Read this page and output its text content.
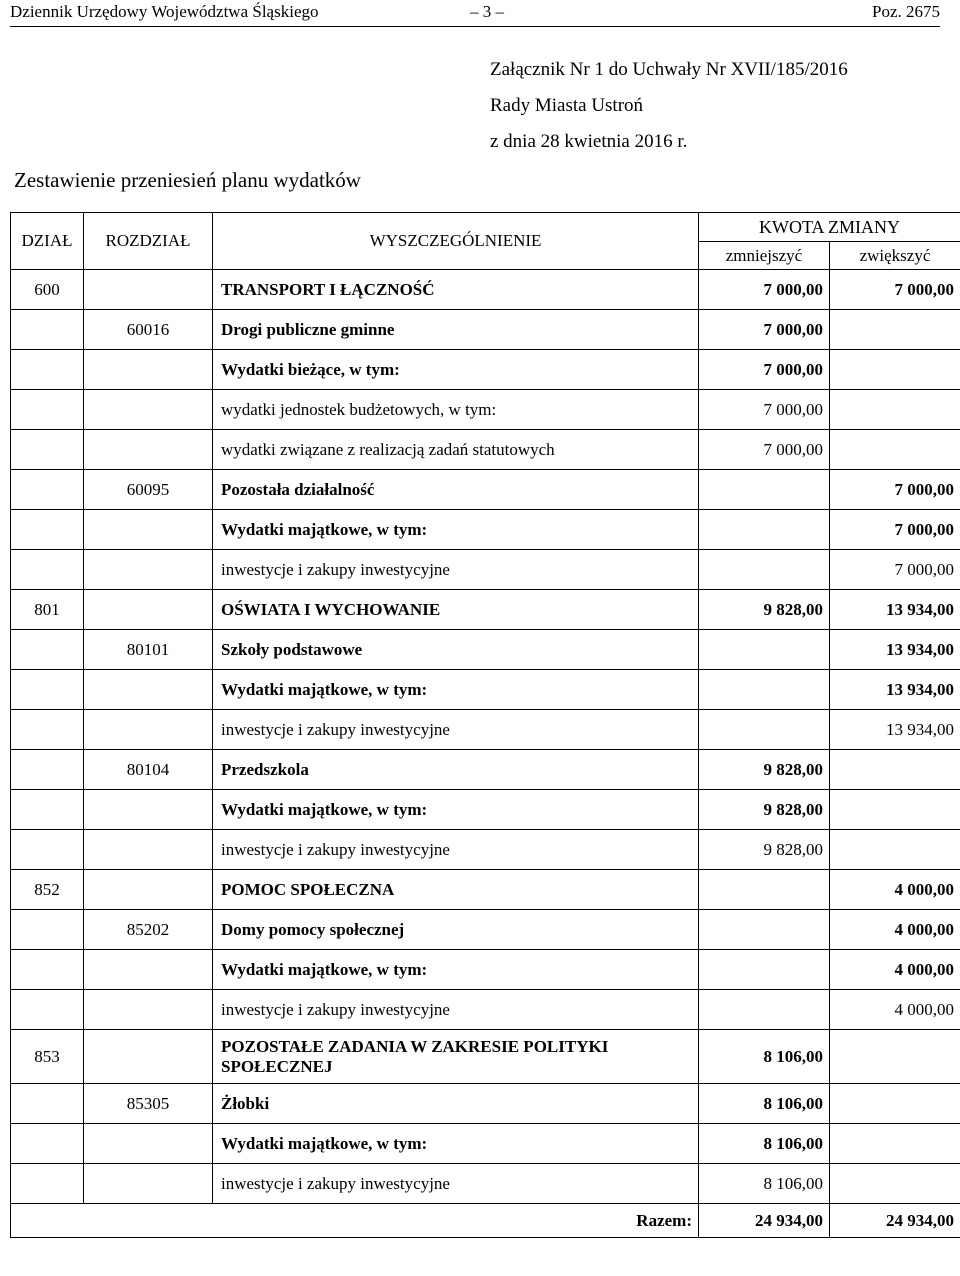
Dziennik Urzędowy Województwa Śląskiego	– 3 –	Poz. 2675
Załącznik Nr 1 do Uchwały Nr XVII/185/2016
Rady Miasta Ustroń
z dnia 28 kwietnia 2016 r.
Zestawienie przeniesień planu wydatków
DZIAŁ	ROZDZIAŁ	WYSZCZEGÓLNIENIE	KWOTA ZMIANY	
			zmniejszyć	zwiększyć
600		TRANSPORT I ŁĄCZNOŚĆ	7 000,00	7 000,00
	60016	Drogi publiczne gminne	7 000,00	
		Wydatki bieżące, w tym:	7 000,00	
		wydatki jednostek budżetowych, w tym:	7 000,00	
		wydatki związane z realizacją zadań statutowych	7 000,00	
	60095	Pozostała działalność		7 000,00
		Wydatki majątkowe, w tym:		7 000,00
		inwestycje i zakupy inwestycyjne		7 000,00
801		OŚWIATA I WYCHOWANIE	9 828,00	13 934,00
	80101	Szkoły podstawowe		13 934,00
		Wydatki majątkowe, w tym:		13 934,00
		inwestycje i zakupy inwestycyjne		13 934,00
	80104	Przedszkola	9 828,00	
		Wydatki majątkowe, w tym:	9 828,00	
		inwestycje i zakupy inwestycyjne	9 828,00	
852		POMOC SPOŁECZNA		4 000,00
	85202	Domy pomocy społecznej		4 000,00
		Wydatki majątkowe, w tym:		4 000,00
		inwestycje i zakupy inwestycyjne		4 000,00
853		POZOSTAŁE ZADANIA W ZAKRESIE POLITYKI SPOŁECZNEJ	8 106,00	
	85305	Żłobki	8 106,00	
		Wydatki majątkowe, w tym:	8 106,00	
		inwestycje i zakupy inwestycyjne	8 106,00	
Razem:			24 934,00	24 934,00
